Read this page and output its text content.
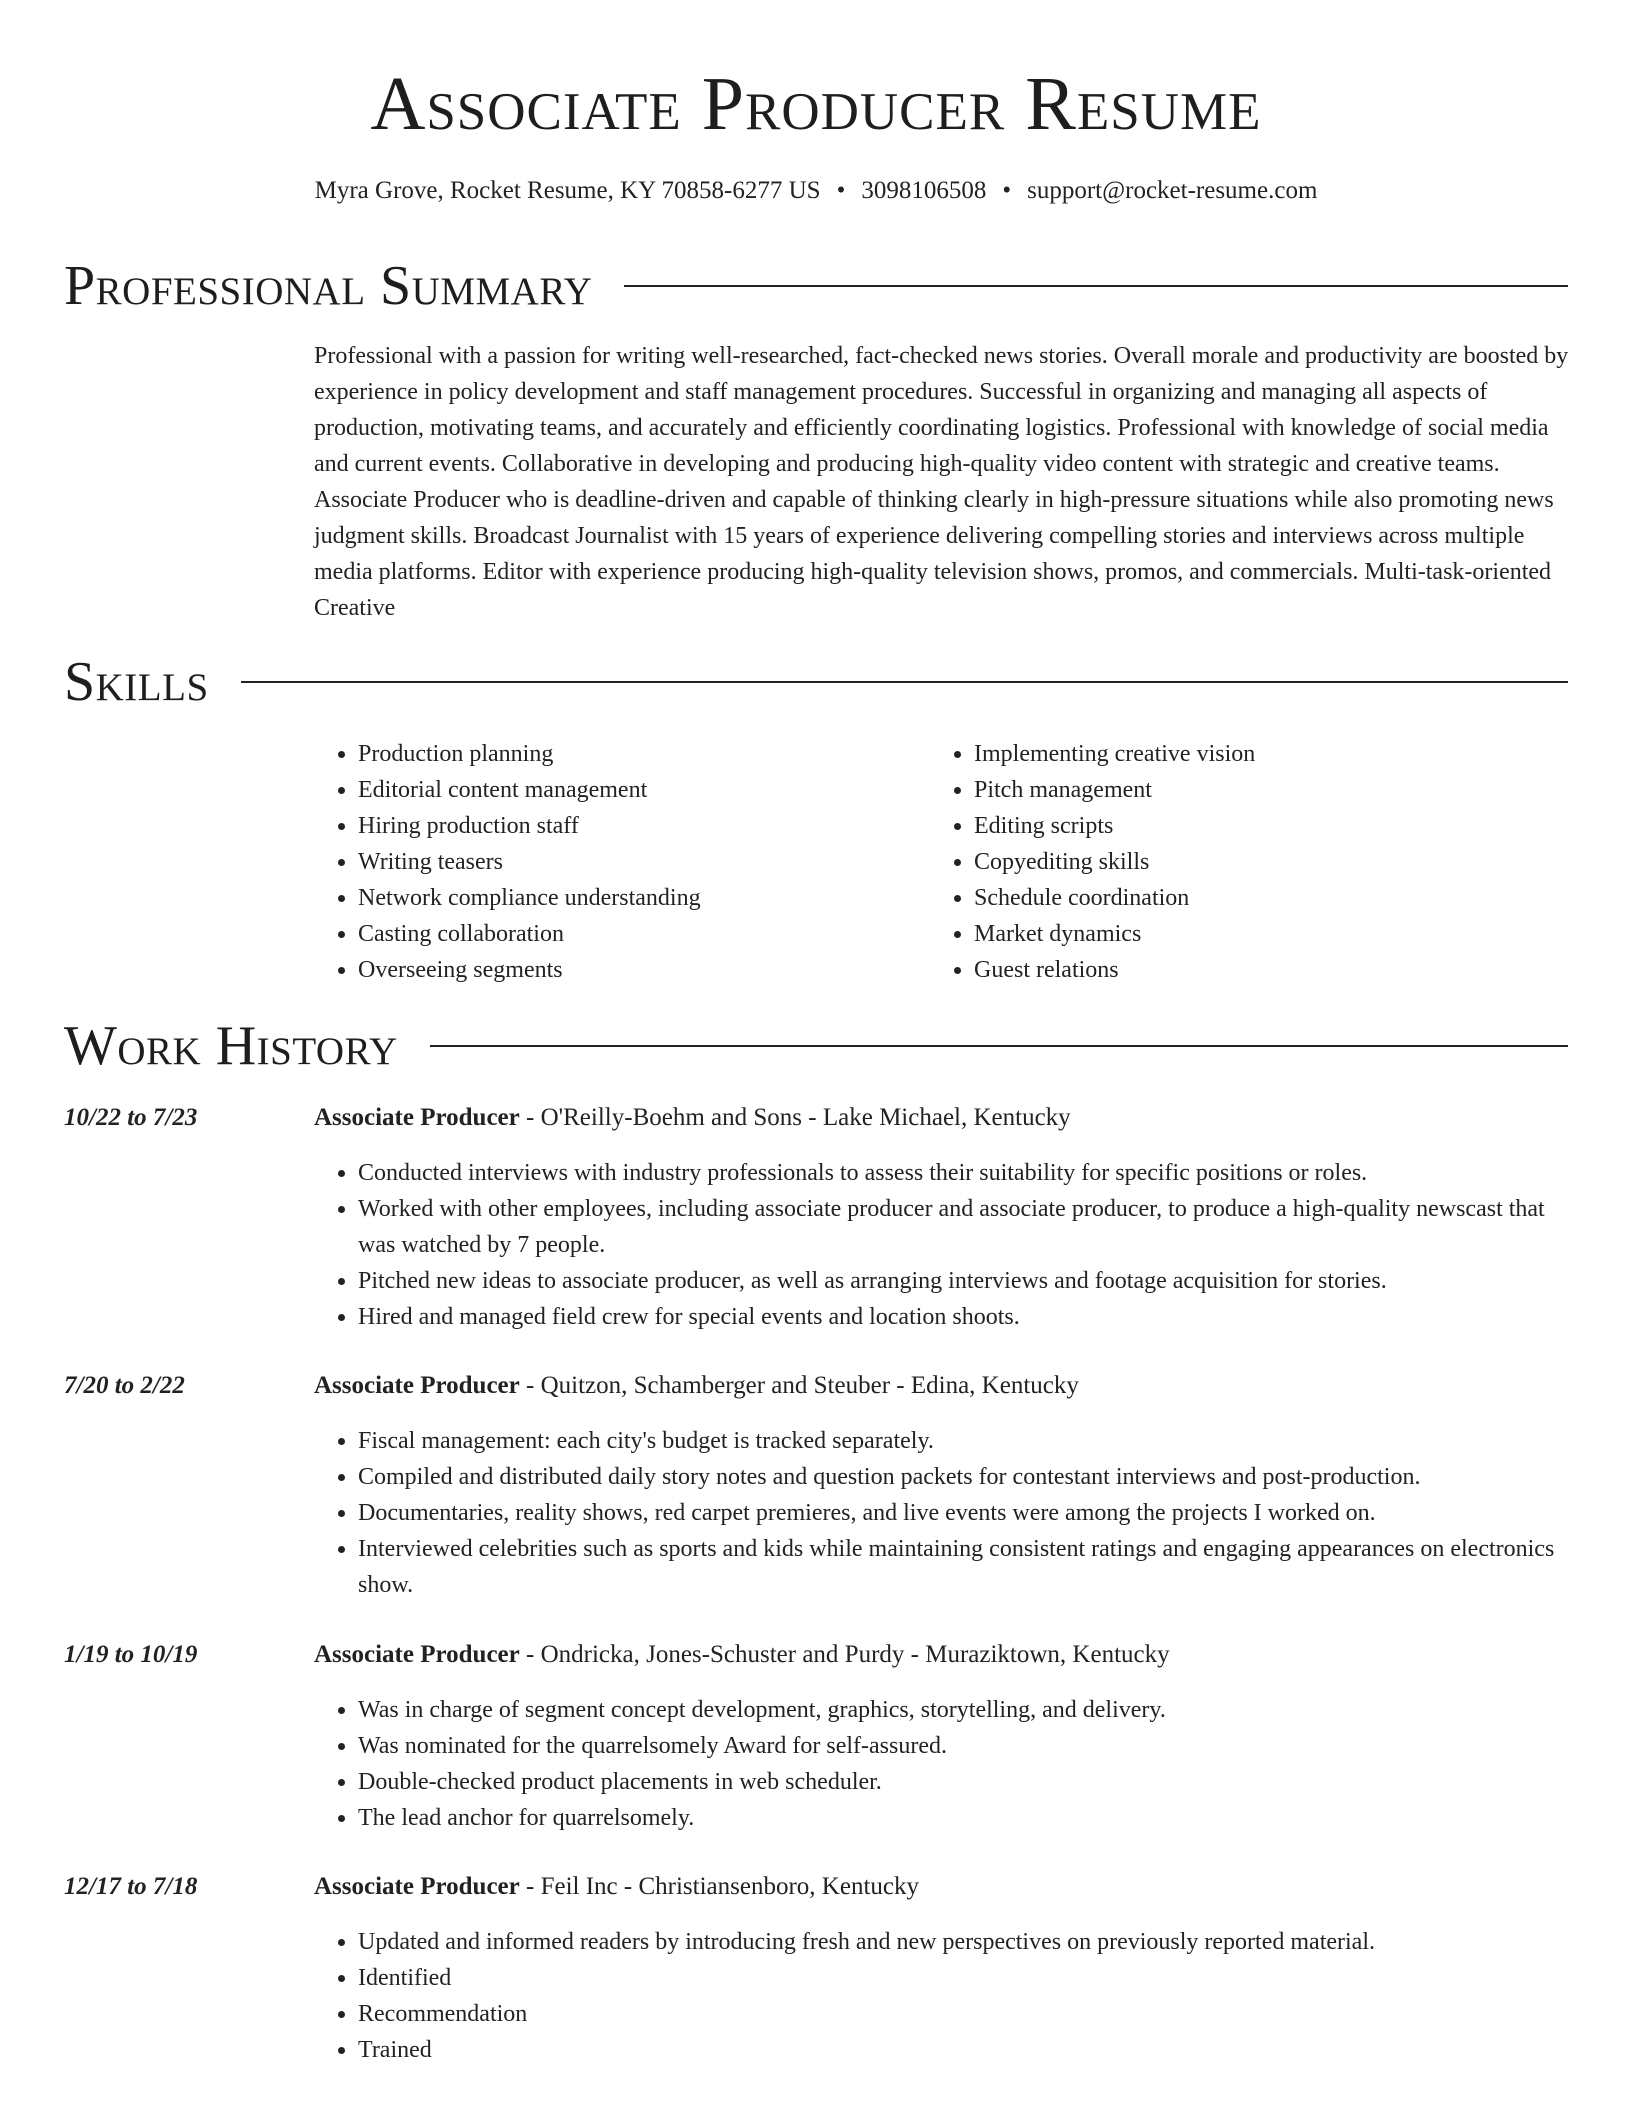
Associate Producer Resume
Myra Grove, Rocket Resume, KY 70858-6277 US • 3098106508 • support@rocket-resume.com
Professional Summary

Professional with a passion for writing well-researched, fact-checked news stories. Overall morale and productivity are boosted by experience in policy development and staff management procedures. Successful in organizing and managing all aspects of production, motivating teams, and accurately and efficiently coordinating logistics. Professional with knowledge of social media and current events. Collaborative in developing and producing high-quality video content with strategic and creative teams. Associate Producer who is deadline-driven and capable of thinking clearly in high-pressure situations while also promoting news judgment skills. Broadcast Journalist with 15 years of experience delivering compelling stories and interviews across multiple media platforms. Editor with experience producing high-quality television shows, promos, and commercials. Multi-task-oriented Creative

Skills
• Production planning
• Editorial content management
• Hiring production staff
• Writing teasers
• Network compliance understanding
• Casting collaboration
• Overseeing segments
• Implementing creative vision
• Pitch management
• Editing scripts
• Copyediting skills
• Schedule coordination
• Market dynamics
• Guest relations
Work History
10/22 to 7/23	Associate Producer - O'Reilly-Boehm and Sons - Lake Michael, Kentucky
• Conducted interviews with industry professionals to assess their suitability for specific positions or roles.
• Worked with other employees, including associate producer and associate producer, to produce a high-quality newscast that was watched by 7 people.
• Pitched new ideas to associate producer, as well as arranging interviews and footage acquisition for stories.
• Hired and managed field crew for special events and location shoots.
7/20 to 2/22	Associate Producer - Quitzon, Schamberger and Steuber - Edina, Kentucky
• Fiscal management: each city's budget is tracked separately.
• Compiled and distributed daily story notes and question packets for contestant interviews and post-production.
• Documentaries, reality shows, red carpet premieres, and live events were among the projects I worked on.
• Interviewed celebrities such as sports and kids while maintaining consistent ratings and engaging appearances on electronics show.
1/19 to 10/19	Associate Producer - Ondricka, Jones-Schuster and Purdy - Muraziktown, Kentucky
• Was in charge of segment concept development, graphics, storytelling, and delivery.
• Was nominated for the quarrelsomely Award for self-assured.
• Double-checked product placements in web scheduler.
• The lead anchor for quarrelsomely.
12/17 to 7/18	Associate Producer - Feil Inc - Christiansenboro, Kentucky
• Updated and informed readers by introducing fresh and new perspectives on previously reported material.
• Identified
• Recommendation
• Trained
